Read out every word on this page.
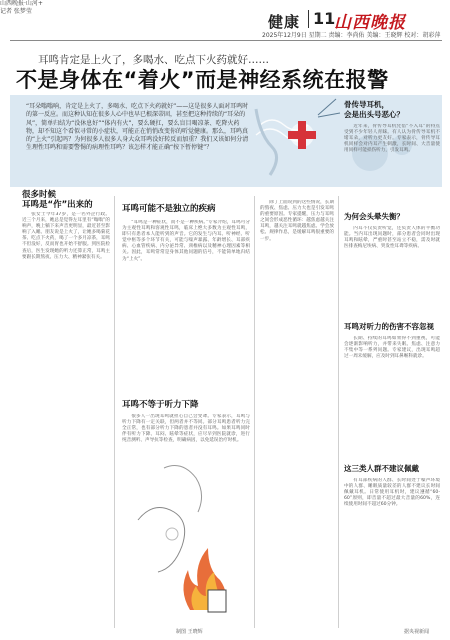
健康 11
山西晚报
2025年12月9日 星期二 责编：李尚佑 美编：王晓辉 校对：胡彩萍
耳鸣肯定是上火了，多喝水、吃点下火药就好……
不是身体在“着火”而是神经系统在报警
“耳朵嗡嗡响，肯定是上火了，多喝水、吃点下火药就好”——这是很多人面对耳鸣时的第一反应。而这种认知在很多人心中也早已根深蒂固，甚至把这种持续的“耳朵的风”，简单归结为“没休息好”“体内有火”，要么硬扛，要么盲目喝凉茶、吃降火药物，却不知这个看似寻常的小症状，可能正在悄悄改变你的听觉健康。那么，耳鸣真的“上火”引起吗？为何很多人很多人身大众耳鸣没好转反而加重？我们又该如何分清生理性耳鸣和需要警惕的病理性耳鸣？该怎样才能正确“按下暂停键”？
很多时候
耳鸣是“作”出来的

张女士今年37岁，是一名外企行政。近三个月来，她总是觉得左耳里有“嗡嗡”的响声，晚上躺下来声音更明显，最近甚至影响了入睡。朋友说是上火了，让她多喝菊花茶、吃点下火药，喝了一个多月凉茶，耳鸣不但没好，反而胃也开始不舒服。到医院检查后，医生发现她的听力还算正常，耳鸣主要跟长期熬夜、压力大、精神紧张有关。

耳鸣可能不是独立的疾病

“耳鸣是一种症状，而不是一种疾病。”专家介绍，耳鸣可分为主观性耳鸣和客观性耳鸣，临床上绝大多数为主观性耳鸣，即只有患者本人能听到的声音。它的发生与内耳、听神经、听觉中枢等多个环节有关，可能与噪声暴露、年龄增长、耳部疾病、心血管疾病、内分泌异常、颈椎病以及精神心理因素等相关。因此，耳鸣常常是身体其他问题的信号，不能简单地归结为“上火”。

耳鸣不等于听力下降

很多人一出现耳鸣就担心自己会变聋。专家表示，耳鸣与听力下降有一定关联，但两者并不等同。部分耳鸣患者听力完全正常，也有部分听力下降的患者并没有耳鸣。如果耳鸣同时伴有听力下降、耳闷、眩晕等症状，应尽早到医院就诊，进行纯音测听、声导抗等检查，明确病因，以免延误治疗时机。

制图 王晓辉

除了上面说到的这些情况，长期的熬夜、焦虑、压力大也是引发耳鸣的重要原因。专家提醒，压力与耳鸣之间会形成恶性循环：越焦虑越关注耳鸣，越关注耳鸣就越焦虑。学会放松、规律作息，是缓解耳鸣很重要的一步。

山西晚报·山河+
记者 张梦莹
骨传导耳机，
会是出头号恶心？

近年来，骨传导耳机凭借“不入耳”的特点受到不少年轻人青睐。有人认为骨传导耳机不堵耳朵，对听力更友好。专家表示，骨传导耳机同样会对内耳产生刺激，长时间、大音量使用同样可能损伤听力，引发耳鸣。

为何会头晕失衡？

内耳不仅负责听觉，还负责人体的平衡功能。当内耳出现问题时，部分患者会同时出现耳鸣和眩晕，严重时甚至站立不稳，需及时就医排查梅尼埃病、突发性耳聋等疾病。

耳鸣对听力的伤害不容忽视

长期、持续的耳鸣如果得不到重视，可能会逐渐影响听力，并带来失眠、焦虑、注意力不集中等一系列问题。专家建议，出现耳鸣超过一周未缓解，应及时到耳鼻喉科就诊。

这三类人群不建议佩戴

有耳部疾病的人群、长时间处于噪声环境中的人群、睡眠质量较差的人群不建议长时间佩戴耳机。日常使用耳机时，建议遵循“60-60”原则，即音量不超过最大音量的60%，连续使用时间不超过60分钟。

据央视新闻
